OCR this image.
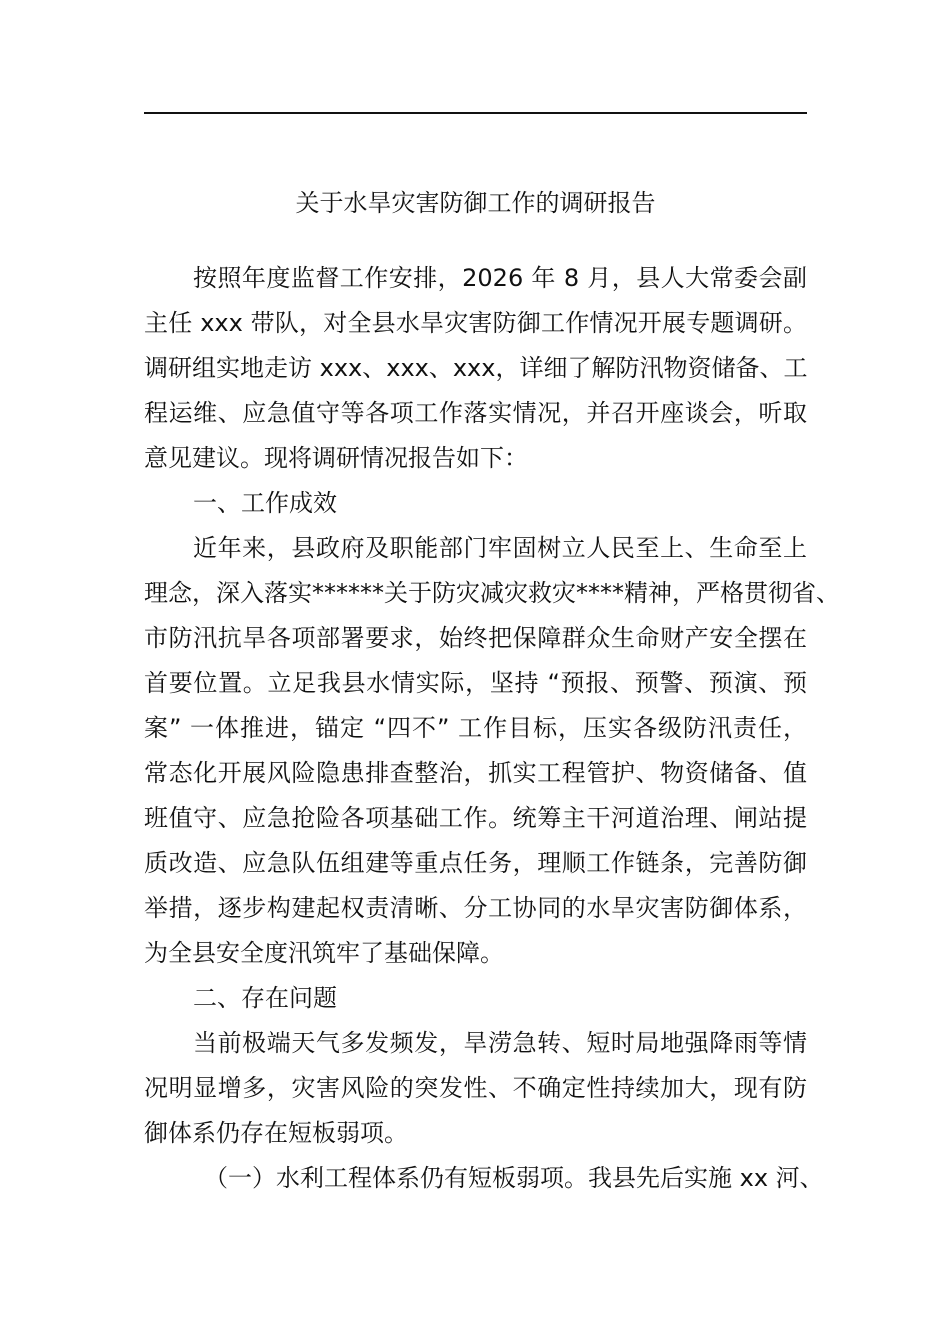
关于水旱灾害防御工作的调研报告
按照年度监督工作安排，2026 年 8 月，县人大常委会副
主任 xxx 带队，对全县水旱灾害防御工作情况开展专题调研。
调研组实地走访 xxx、xxx、xxx，详细了解防汛物资储备、工
程运维、应急值守等各项工作落实情况，并召开座谈会，听取
意见建议。现将调研情况报告如下：
一、工作成效
近年来，县政府及职能部门牢固树立人民至上、生命至上
理念，深入落实******关于防灾减灾救灾****精神，严格贯彻省、
市防汛抗旱各项部署要求，始终把保障群众生命财产安全摆在
首要位置。立足我县水情实际，坚持 “预报、预警、预演、预
案” 一体推进，锚定 “四不” 工作目标，压实各级防汛责任，
常态化开展风险隐患排查整治，抓实工程管护、物资储备、值
班值守、应急抢险各项基础工作。统筹主干河道治理、闸站提
质改造、应急队伍组建等重点任务，理顺工作链条，完善防御
举措，逐步构建起权责清晰、分工协同的水旱灾害防御体系，
为全县安全度汛筑牢了基础保障。
二、存在问题
当前极端天气多发频发，旱涝急转、短时局地强降雨等情
况明显增多，灾害风险的突发性、不确定性持续加大，现有防
御体系仍存在短板弱项。
（一）水利工程体系仍有短板弱项。我县先后实施 xx 河、
